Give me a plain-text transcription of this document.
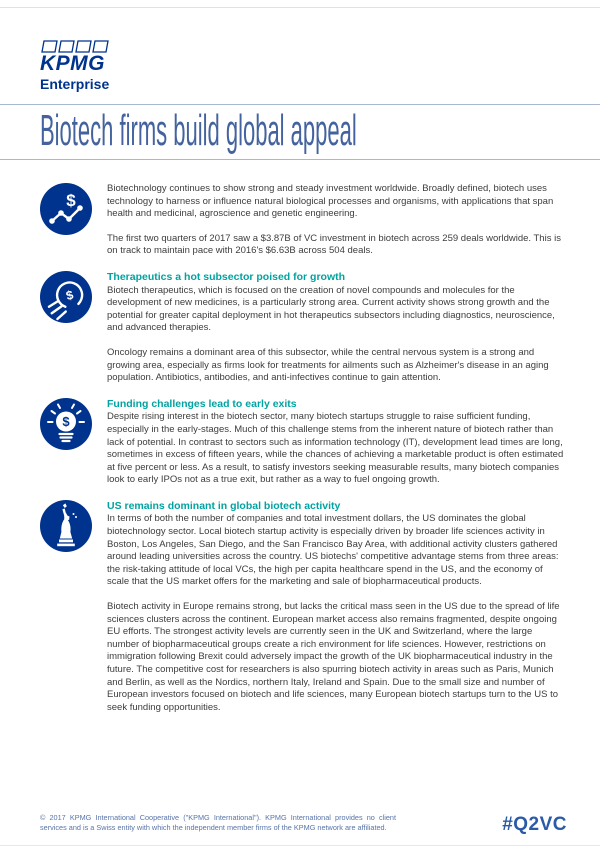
KPMG
Enterprise
Biotech firms build global appeal
$

Biotechnology continues to show strong and steady investment worldwide. Broadly defined, biotech uses technology to harness or influence natural biological processes and organisms, with applications that span health and medicinal, agroscience and genetic engineering.

The first two quarters of 2017 saw a $3.87B of VC investment in biotech across 259 deals worldwide. This is on track to maintain pace with 2016's $6.63B across 504 deals.

$
Therapeutics a hot subsector poised for growth

Biotech therapeutics, which is focused on the creation of novel compounds and molecules for the development of new medicines, is a particularly strong area. Current activity shows strong growth and the potential for greater capital deployment in hot therapeutics subsectors including diagnostics, neuroscience, and advanced therapies.

Oncology remains a dominant area of this subsector, while the central nervous system is a strong and growing area, especially as firms look for treatments for ailments such as Alzheimer's disease in an aging population. Antibiotics, antibodies, and anti-infectives continue to gain attention.

$
Funding challenges lead to early exits

Despite rising interest in the biotech sector, many biotech startups struggle to raise sufficient funding, especially in the early-stages. Much of this challenge stems from the inherent nature of biotech rather than lack of potential. In contrast to sectors such as information technology (IT), development lead times are long, sometimes in excess of fifteen years, while the chances of achieving a marketable product is often estimated at five percent or less. As a result, to satisfy investors seeking measurable results, many biotech companies look to early IPOs not as a true exit, but rather as a way to fuel ongoing growth.

US remains dominant in global biotech activity

In terms of both the number of companies and total investment dollars, the US dominates the global biotechnology sector. Local biotech startup activity is especially driven by broader life sciences activity in Boston, Los Angeles, San Diego, and the San Francisco Bay Area, with additional activity clusters gathered around leading universities across the country. US biotechs' competitive advantage stems from three areas: the risk-taking attitude of local VCs, the high per capita healthcare spend in the US, and the economy of scale that the US market offers for the marketing and sale of biopharmaceutical products.

Biotech activity in Europe remains strong, but lacks the critical mass seen in the US due to the spread of life sciences clusters across the continent. European market access also remains fragmented, despite ongoing EU efforts. The strongest activity levels are currently seen in the UK and Switzerland, where the large number of biopharmaceutical groups create a rich environment for life sciences. However, restrictions on immigration following Brexit could adversely impact the growth of the UK biopharmaceutical industry in the future. The competitive cost for researchers is also spurring biotech activity in areas such as Paris, Munich and Berlin, as well as the Nordics, northern Italy, Ireland and Spain. Due to the small size and number of European investors focused on biotech and life sciences, many European biotech startups turn to the US to seek funding opportunities.

© 2017 KPMG International Cooperative ("KPMG International"). KPMG International provides no client services and is a Swiss entity with which the independent member firms of the KPMG network are affiliated.	#Q2VC
